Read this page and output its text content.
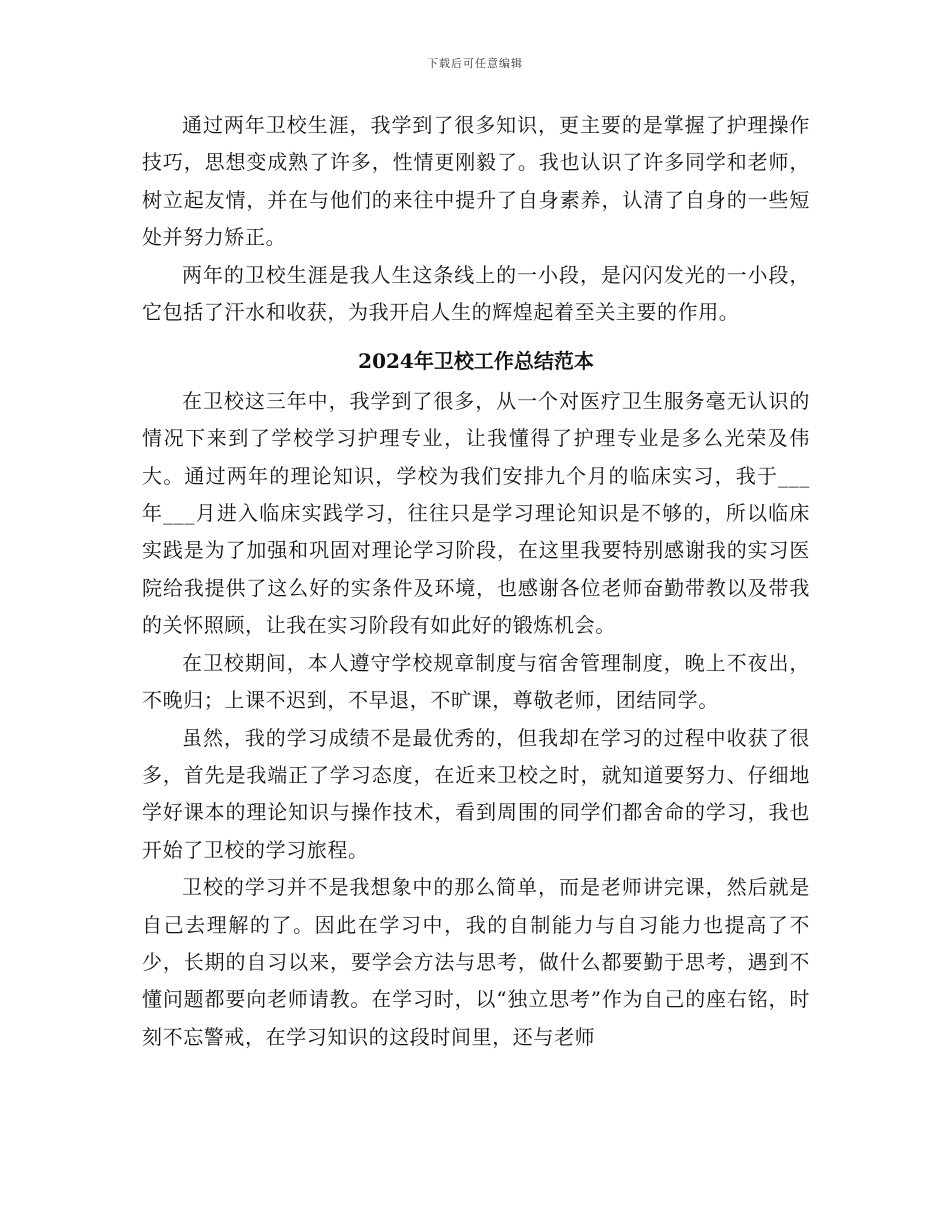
下载后可任意编辑

通过两年卫校生涯，我学到了很多知识，更主要的是掌握了护理操作技巧，思想变成熟了许多，性情更刚毅了。我也认识了许多同学和老师，树立起友情，并在与他们的来往中提升了自身素养，认清了自身的一些短处并努力矫正。

两年的卫校生涯是我人生这条线上的一小段，是闪闪发光的一小段，它包括了汗水和收获，为我开启人生的辉煌起着至关主要的作用。

2024年卫校工作总结范本

在卫校这三年中，我学到了很多，从一个对医疗卫生服务毫无认识的情况下来到了学校学习护理专业，让我懂得了护理专业是多么光荣及伟大。通过两年的理论知识，学校为我们安排九个月的临床实习，我于___年___月进入临床实践学习，往往只是学习理论知识是不够的，所以临床实践是为了加强和巩固对理论学习阶段，在这里我要特别感谢我的实习医院给我提供了这么好的实条件及环境，也感谢各位老师奋勤带教以及带我的关怀照顾，让我在实习阶段有如此好的锻炼机会。

在卫校期间，本人遵守学校规章制度与宿舍管理制度，晚上不夜出，不晚归；上课不迟到，不早退，不旷课，尊敬老师，团结同学。

虽然，我的学习成绩不是最优秀的，但我却在学习的过程中收获了很多，首先是我端正了学习态度，在近来卫校之时，就知道要努力、仔细地学好课本的理论知识与操作技术，看到周围的同学们都舍命的学习，我也开始了卫校的学习旅程。

卫校的学习并不是我想象中的那么简单，而是老师讲完课，然后就是自己去理解的了。因此在学习中，我的自制能力与自习能力也提高了不少，长期的自习以来，要学会方法与思考，做什么都要勤于思考，遇到不懂问题都要向老师请教。在学习时，以“独立思考”作为自己的座右铭，时刻不忘警戒，在学习知识的这段时间里，还与老师
